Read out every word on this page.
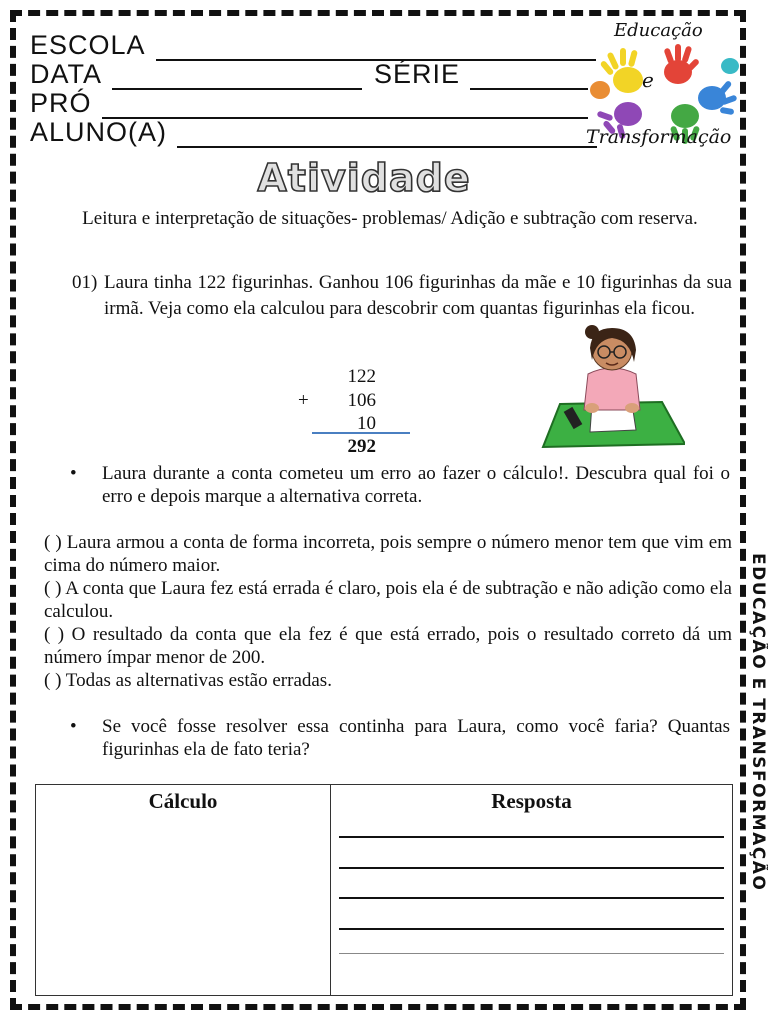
ESCOLA
DATA	SÉRIE
PRÓ
ALUNO(A)
Educação
e
Transformação
Atividade
Leitura e interpretação de situações- problemas/ Adição e subtração com reserva.
01) Laura tinha 122 figurinhas. Ganhou 106 figurinhas da mãe e 10 figurinhas da sua irmã. Veja como ela calculou para descobrir com quantas figurinhas ela ficou.
122
+	106
10
292
•	Laura durante a conta cometeu um erro ao fazer o cálculo!. Descubra qual foi o erro e depois marque a alternativa correta.

( ) Laura armou a conta de forma incorreta, pois sempre o número menor tem que vim em cima do número maior.

( ) A conta que Laura fez está errada é claro, pois ela é de subtração e não adição como ela calculou.

( ) O resultado da conta que ela fez é que está errado, pois o resultado correto dá um número ímpar menor de 200.

( ) Todas as alternativas estão erradas.

•	Se você fosse resolver essa continha para Laura, como você faria? Quantas figurinhas ela de fato teria?	EDUCAÇÃO E TRANSFORMAÇÃO
Cálculo	Resposta
